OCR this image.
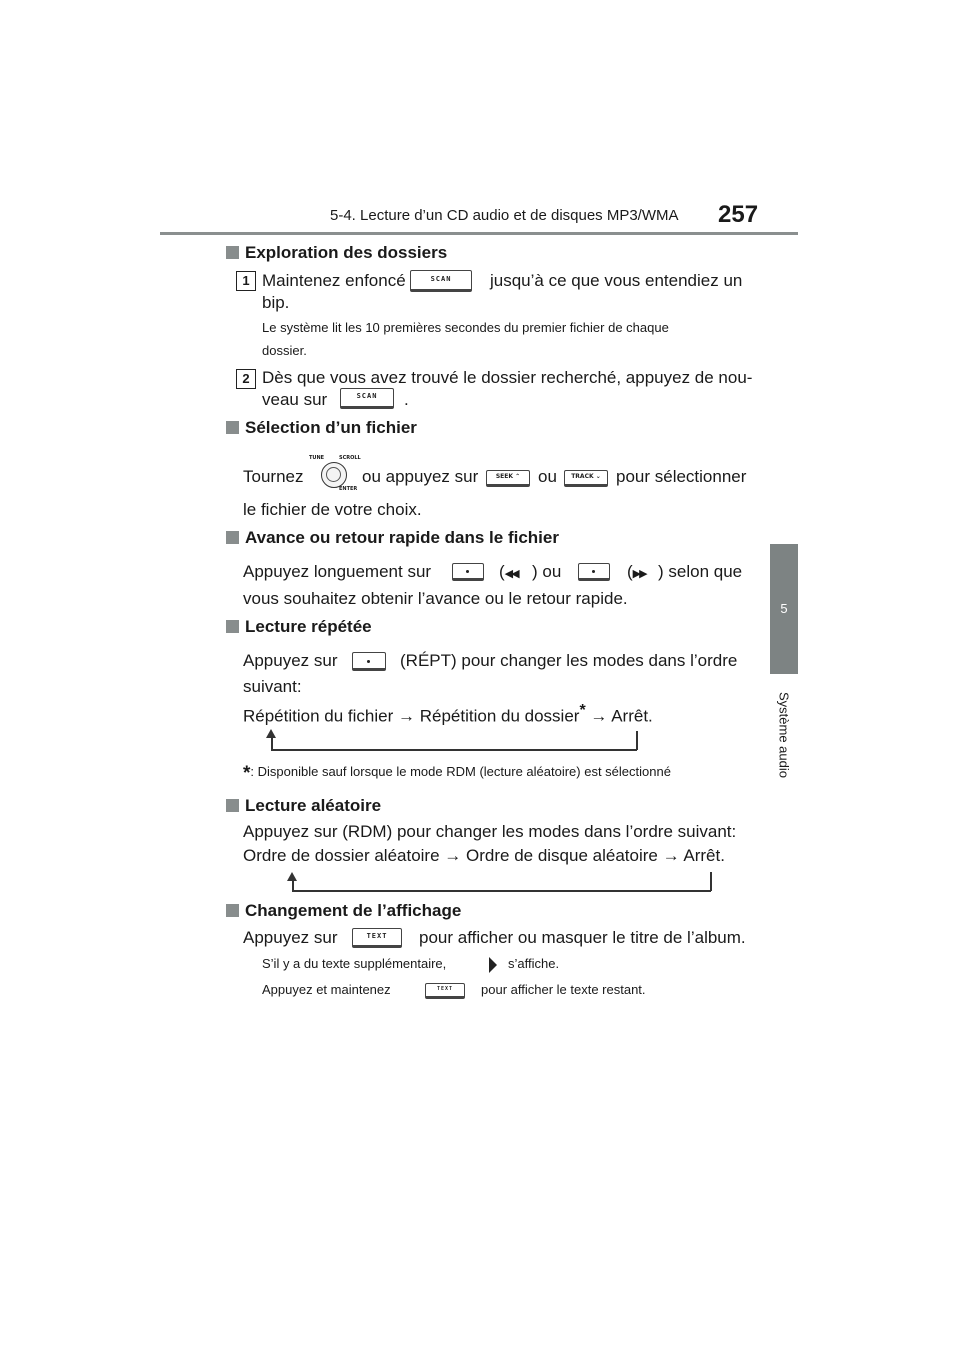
5-4. Lecture d’un CD audio et de disques MP3/WMA 257
5
Système audio
Exploration des dossiers
1 Maintenez enfoncé	SCAN	jusqu’à ce que vous entendiez un
bip.
Le système lit les 10 premières secondes du premier fichier de chaque
dossier.
2 Dès que vous avez trouvé le dossier recherché, appuyez de nou-
veau sur	SCAN	.
Sélection d’un fichier
Tournez
TUNE	SCROLL
ENTER
ou appuyez sur	SEEK ⌃	ou	TRACK ⌄ pour sélectionner
le fichier de votre choix.
Avance ou retour rapide dans le fichier
Appuyez longuement sur	(◀◀ ) ou	(▶▶ ) selon que
vous souhaitez obtenir l’avance ou le retour rapide.
Lecture répétée
Appuyez sur	(RÉPT) pour changer les modes dans l’ordre
suivant:
Répétition du fichier → Répétition du dossier* → Arrêt.
*: Disponible sauf lorsque le mode RDM (lecture aléatoire) est sélectionné
Lecture aléatoire
Appuyez sur (RDM) pour changer les modes dans l’ordre suivant:
Ordre de dossier aléatoire → Ordre de disque aléatoire → Arrêt.
Changement de l’affichage
Appuyez sur	TEXT	pour afficher ou masquer le titre de l’album.
S’il y a du texte supplémentaire,	s’affiche.
Appuyez et maintenez	TEXT	pour afficher le texte restant.
